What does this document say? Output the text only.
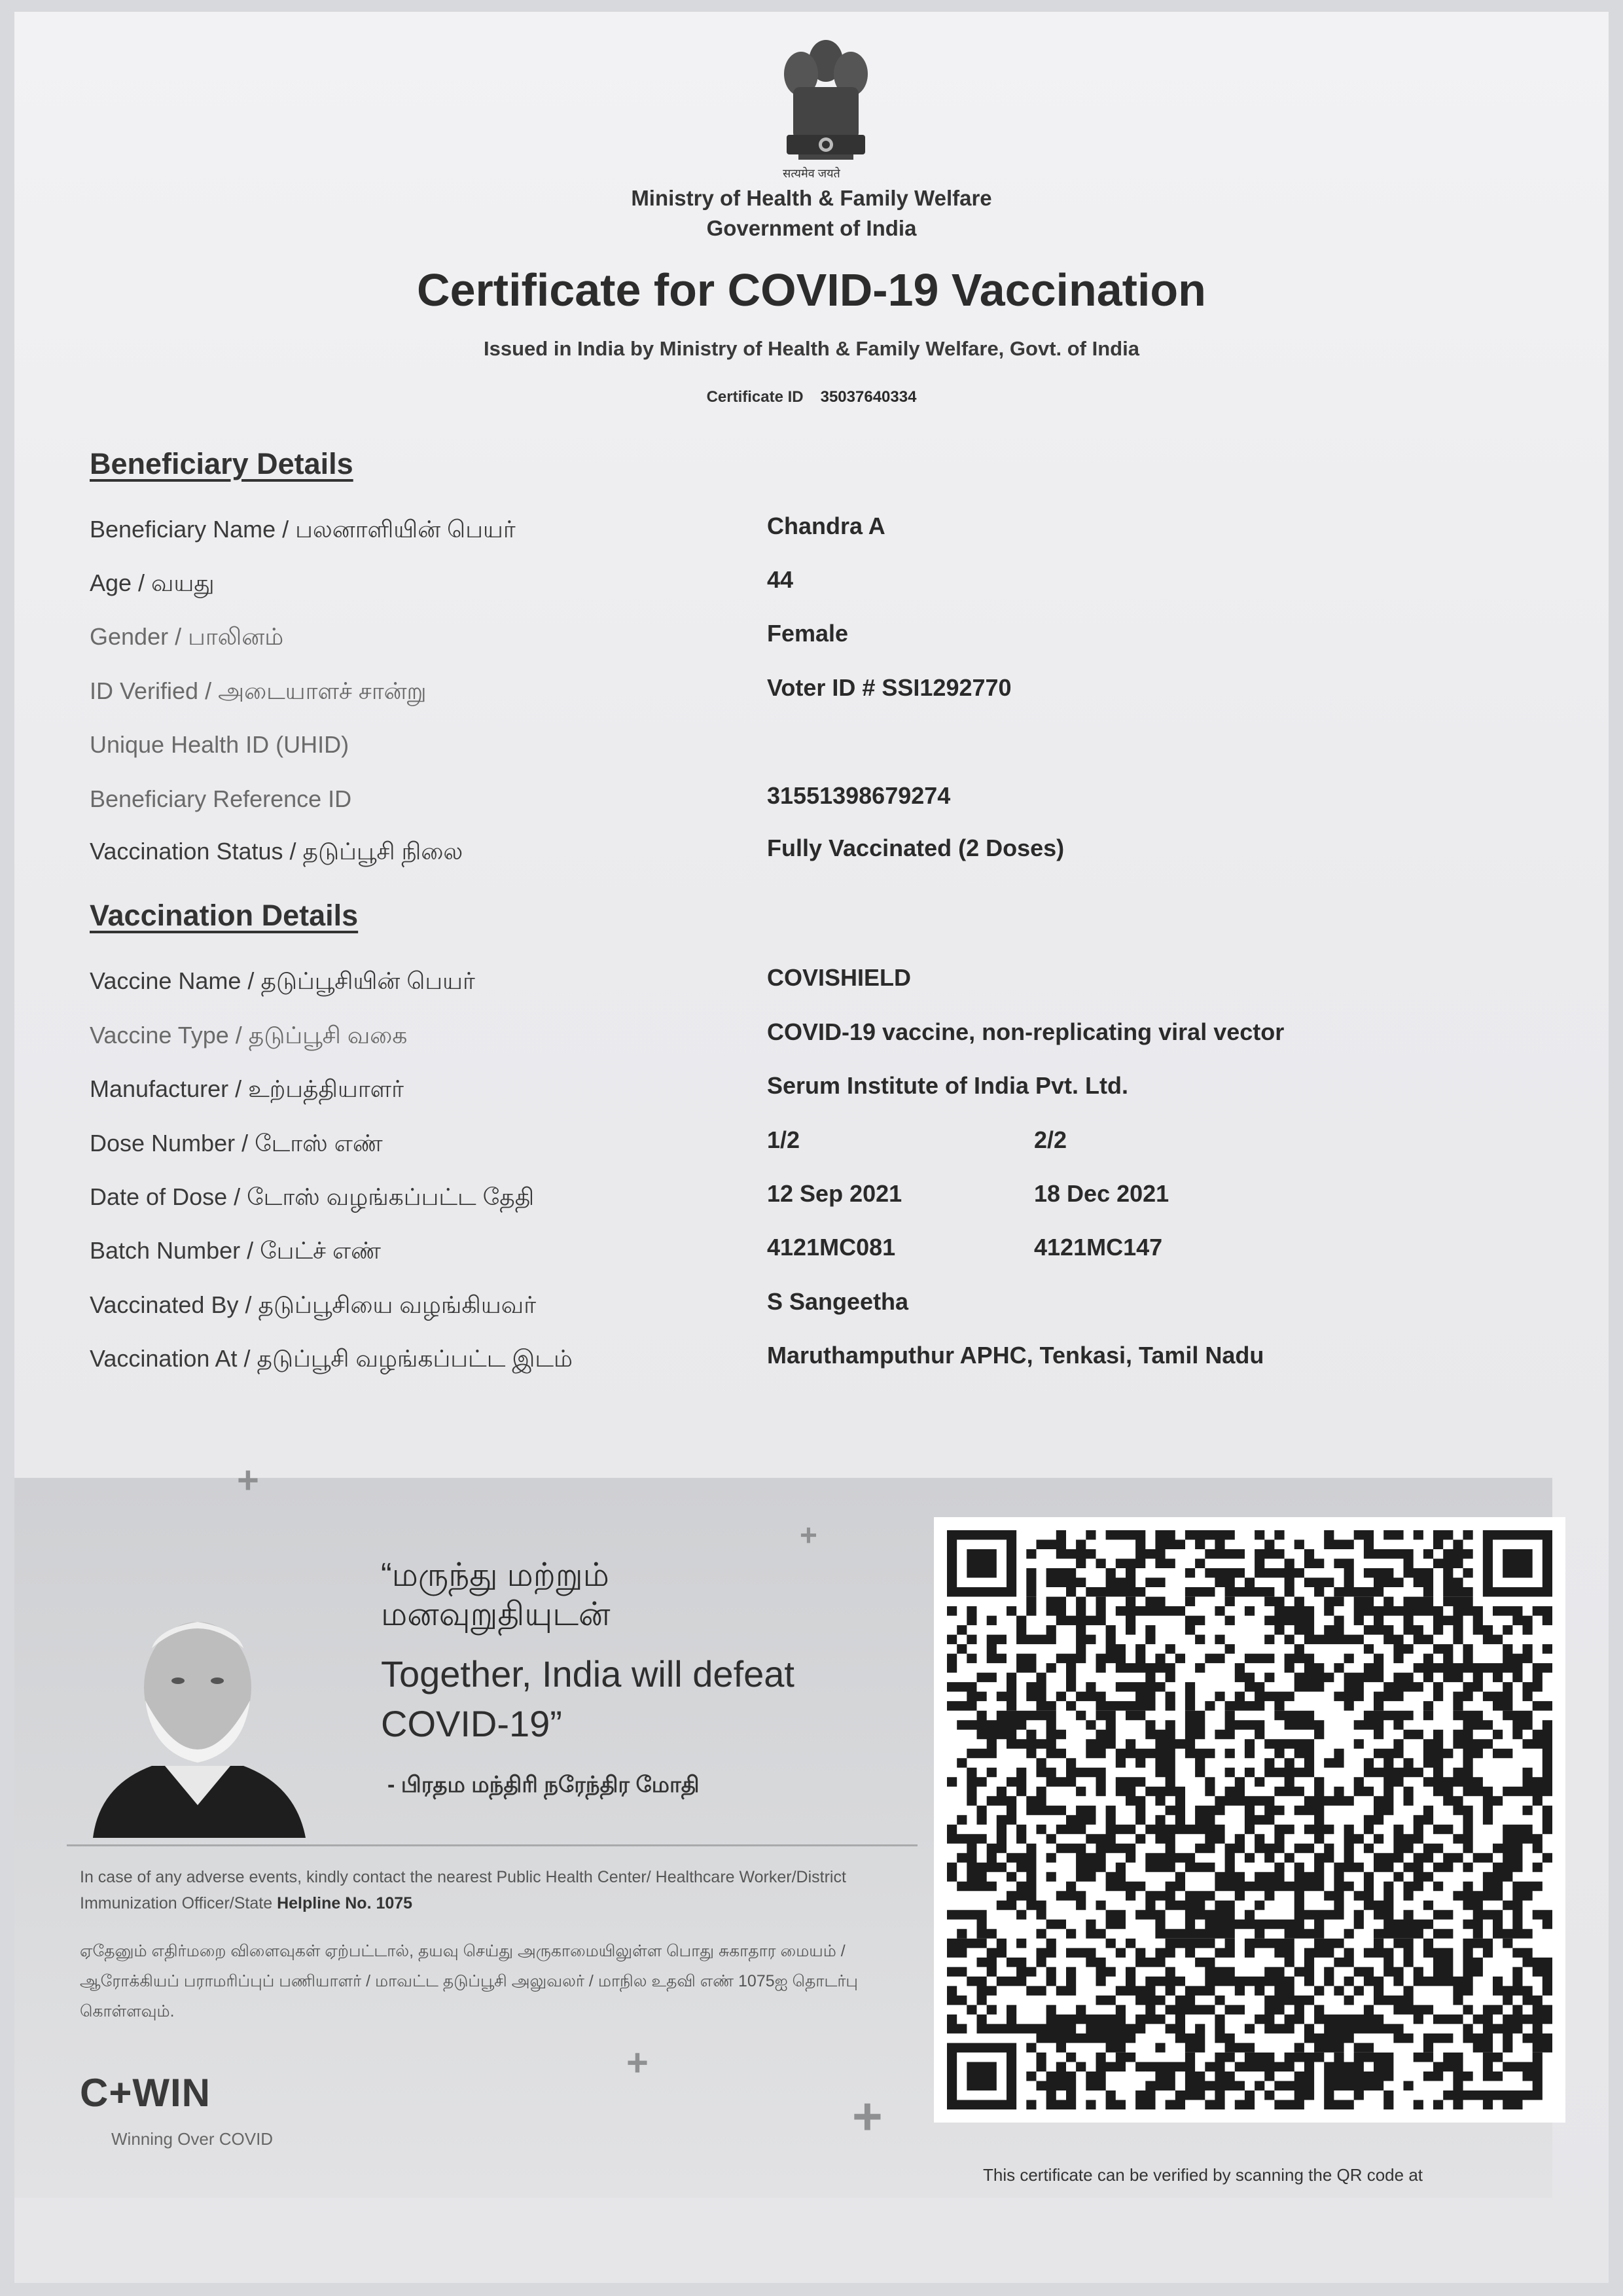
सत्यमेव जयते
Ministry of Health & Family Welfare
Government of India
Certificate for COVID-19 Vaccination
Issued in India by Ministry of Health & Family Welfare, Govt. of India
Certificate ID 35037640334
Beneficiary Details
Beneficiary Name / பலனாளியின் பெயர்	Chandra A
Age / வயது	44
Gender / பாலினம்	Female
ID Verified / அடையாளச் சான்று	Voter ID # SSI1292770
Unique Health ID (UHID)
Beneficiary Reference ID	31551398679274
Vaccination Status / தடுப்பூசி நிலை	Fully Vaccinated (2 Doses)
Vaccination Details
Vaccine Name / தடுப்பூசியின் பெயர்	COVISHIELD
Vaccine Type / தடுப்பூசி வகை	COVID-19 vaccine, non-replicating viral vector
Manufacturer / உற்பத்தியாளர்	Serum Institute of India Pvt. Ltd.
Dose Number / டோஸ் எண்	1/2	2/2
Date of Dose / டோஸ் வழங்கப்பட்ட தேதி	12 Sep 2021	18 Dec 2021
Batch Number / பேட்ச் எண்	4121MC081	4121MC147
Vaccinated By / தடுப்பூசியை வழங்கியவர்	S Sangeetha
Vaccination At / தடுப்பூசி வழங்கப்பட்ட இடம்	Maruthamputhur APHC, Tenkasi, Tamil Nadu
+
+
+
+
“மருந்து மற்றும்
மனவுறுதியுடன்
Together, India will defeat COVID-19”
- பிரதம மந்திரி நரேந்திர மோதி
In case of any adverse events, kindly contact the nearest Public Health Center/ Healthcare Worker/District Immunization Officer/State Helpline No. 1075
ஏதேனும் எதிர்மறை விளைவுகள் ஏற்பட்டால், தயவு செய்து அருகாமையிலுள்ள பொது சுகாதார மையம் / ஆரோக்கியப் பராமரிப்புப் பணியாளர் / மாவட்ட தடுப்பூசி அலுவலர் / மாநில உதவி எண் 1075ஐ தொடர்பு கொள்ளவும்.
C+WIN
Winning Over COVID
This certificate can be verified by scanning the QR code at
